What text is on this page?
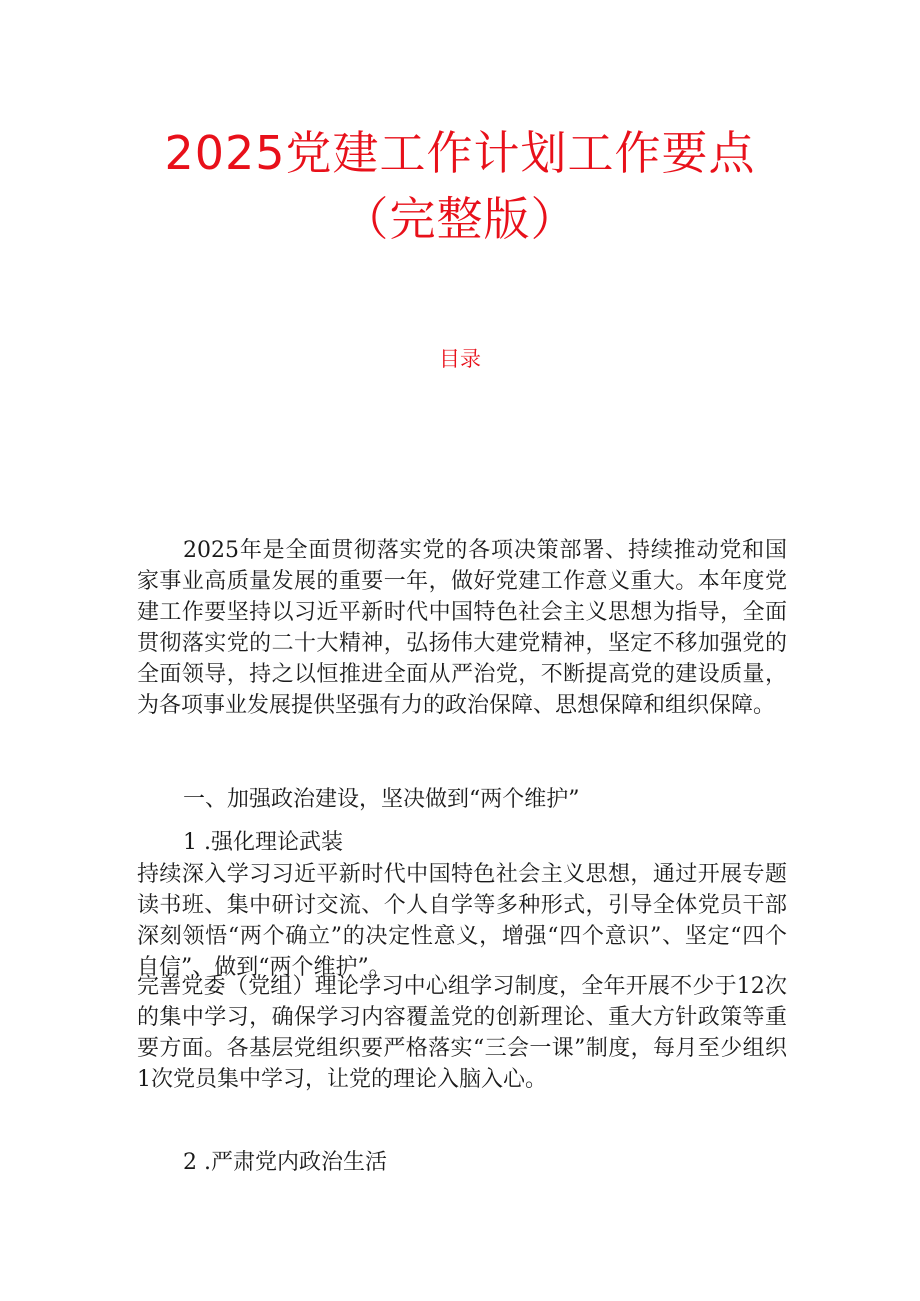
2025党建工作计划工作要点（完整版）
目录

2025年是全面贯彻落实党的各项决策部署、持续推动党和国家事业高质量发展的重要一年，做好党建工作意义重大。本年度党建工作要坚持以习近平新时代中国特色社会主义思想为指导，全面贯彻落实党的二十大精神，弘扬伟大建党精神，坚定不移加强党的全面领导，持之以恒推进全面从严治党，不断提高党的建设质量，为各项事业发展提供坚强有力的政治保障、思想保障和组织保障。

一、加强政治建设，坚决做到“两个维护”

1 .强化理论武装

持续深入学习习近平新时代中国特色社会主义思想，通过开展专题读书班、集中研讨交流、个人自学等多种形式，引导全体党员干部深刻领悟“两个确立”的决定性意义，增强“四个意识”、坚定“四个自信”、做到“两个维护”。

完善党委（党组）理论学习中心组学习制度，全年开展不少于12次的集中学习，确保学习内容覆盖党的创新理论、重大方针政策等重要方面。各基层党组织要严格落实“三会一课”制度，每月至少组织1次党员集中学习，让党的理论入脑入心。

2 .严肃党内政治生活
